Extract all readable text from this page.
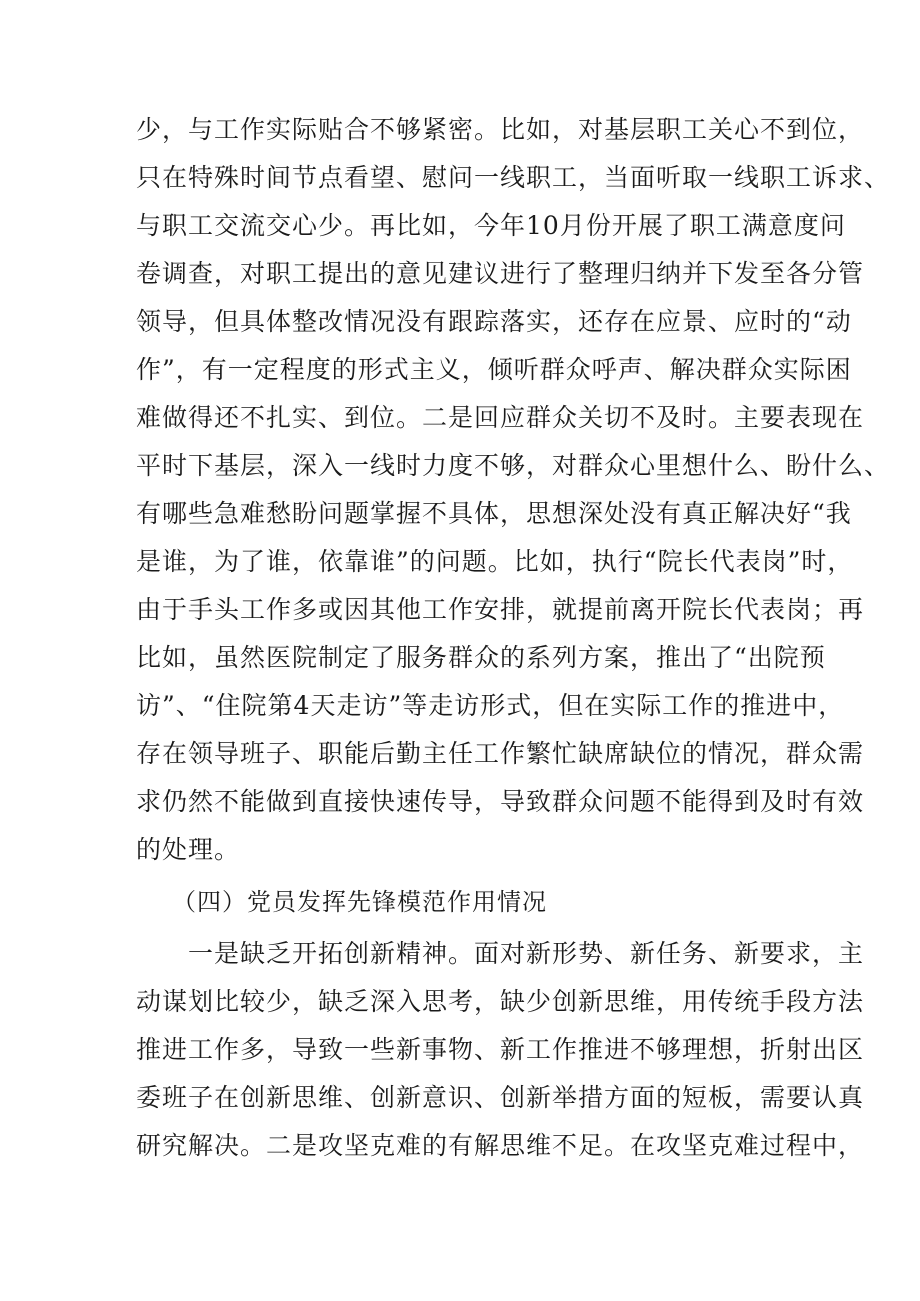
少，与工作实际贴合不够紧密。比如，对基层职工关心不到位，
只在特殊时间节点看望、慰问一线职工，当面听取一线职工诉求、
与职工交流交心少。再比如，今年10月份开展了职工满意度问
卷调查，对职工提出的意见建议进行了整理归纳并下发至各分管
领导，但具体整改情况没有跟踪落实，还存在应景、应时的“动
作”，有一定程度的形式主义，倾听群众呼声、解决群众实际困
难做得还不扎实、到位。二是回应群众关切不及时。主要表现在
平时下基层，深入一线时力度不够，对群众心里想什么、盼什么、
有哪些急难愁盼问题掌握不具体，思想深处没有真正解决好“我
是谁，为了谁，依靠谁”的问题。比如，执行“院长代表岗”时，
由于手头工作多或因其他工作安排，就提前离开院长代表岗；再
比如，虽然医院制定了服务群众的系列方案，推出了“出院预
访”、“住院第4天走访”等走访形式，但在实际工作的推进中，
存在领导班子、职能后勤主任工作繁忙缺席缺位的情况，群众需
求仍然不能做到直接快速传导，导致群众问题不能得到及时有效
的处理。
（四）党员发挥先锋模范作用情况
一是缺乏开拓创新精神。面对新形势、新任务、新要求，主
动谋划比较少，缺乏深入思考，缺少创新思维，用传统手段方法
推进工作多，导致一些新事物、新工作推进不够理想，折射出区
委班子在创新思维、创新意识、创新举措方面的短板，需要认真
研究解决。二是攻坚克难的有解思维不足。在攻坚克难过程中，
